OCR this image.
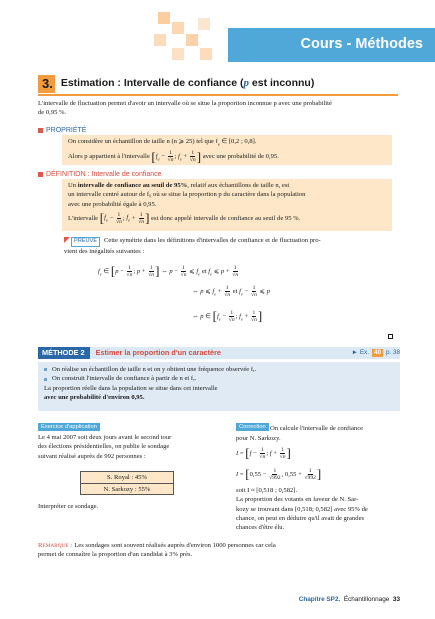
Cours - Méthodes
3. Estimation : Intervalle de confiance (p est inconnu)
L'intervalle de fluctuation permet d'avoir un intervalle où se situe la proportion inconnue p avec une probabilité
de 0,95 %.
PROPRIÉTÉ
On considère un échantillon de taille n (n ⩾ 25) tel que $f_e$ ∈ [0,2 ; 0,8].
Alors p appartient à l'intervalle
[ $f_e - \frac{1}{√n}$ ; $f_e + \frac{1}{√n}$ ]
avec une probabilité de 0,95.
DÉFINITION : Intervalle de confiance
Un intervalle de confiance au seuil de 95%, relatif aux échantillons de taille n, est
un intervalle centré autour de f₀ où se situe la proportion p du caractère dans la population
avec une probabilité égale à 0,95.
L'intervalle
[ $f_e - \frac{1}{√n}$ ; $f_e + \frac{1}{√n}$ ]
est donc appelé intervalle de confiance au seuil de 95 %.
PREUVE Cette symétrie dans les définitions d'intervalles de confiance et de fluctuation pro-
vient des inégalités suivantes :
$f_e$ ∈ [$p - \frac{1}{√n}$ ; $p + \frac{1}{√n}$ ] ⇔ $p - \frac{1}{√n}$ ⩽ $f_e$ et $f_e$ ⩽ $p + \frac{1}{√n}$
⇔ p ⩽ $f_e + \frac{1}{√n}$ et $f_e - \frac{1}{√n}$ ⩽ p
⇔ p ∈ [$f_e - \frac{1}{√n}$ ; $f_e + \frac{1}{√n}$ ]
MÉTHODE 2	Estimer la proportion d'un caractère	► Ex. 40 p. 38
On réalise un échantillon de taille n et on y obtient une fréquence observée fₑ.
On construit l'intervalle de confiance à partir de n et fₑ.
La proportion réelle dans la population se situe dans cet intervalle
avec une probabilité d'environ 0,95.
Exercice d'application
Le 4 mai 2007 soit deux jours avant le second tour
des élections présidentielles, on publie le sondage
suivant réalisé auprès de 992 personnes :
S. Royal : 45%
N. Sarkozy : 55%
Interpréter ce sondage.
Correction On calcule l'intervalle de confiance
pour N. Sarkozy.
$I = [f - \frac{1}{√n}$ ; $f + \frac{1}{√n}$ ]
$I = [0,55 - \frac{1}{√992}$ , $0,55 + \frac{1}{√992}$ ]
soit I ≈ [0,518 ; 0,582].
La proportion des votants en faveur de N. Sar-
kozy se trouvant dans [0,518; 0,582] avec 95% de
chance, on peut en déduire qu'il avait de grandes
chances d'être élu.
Remarque : Les sondages sont souvent réalisés auprès d'environ 1000 personnes car cela
permet de connaître la proportion d'un candidat à 3% près.
Chapitre SP2. Échantillonnage 33
